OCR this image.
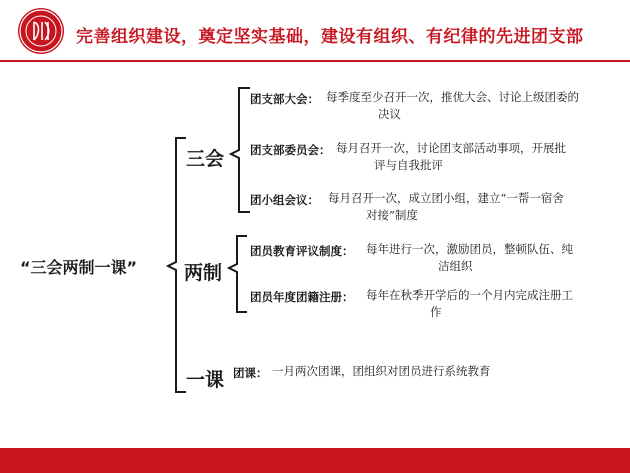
完善组织建设，奠定坚实基础，建设有组织、有纪律的先进团支部
“三会两制一课”
三会
两制
一课
团支部大会： 每季度至少召开一次，推优大会、讨论上级团委的
决议
团支部委员会： 每月召开一次，讨论团支部活动事项，开展批
评与自我批评
团小组会议： 每月召开一次，成立团小组，建立“一帮一宿舍
对接”制度
团员教育评议制度： 每年进行一次，激励团员，整顿队伍、纯
洁组织
团员年度团籍注册： 每年在秋季开学后的一个月内完成注册工
作
团课： 一月两次团课，团组织对团员进行系统教育
